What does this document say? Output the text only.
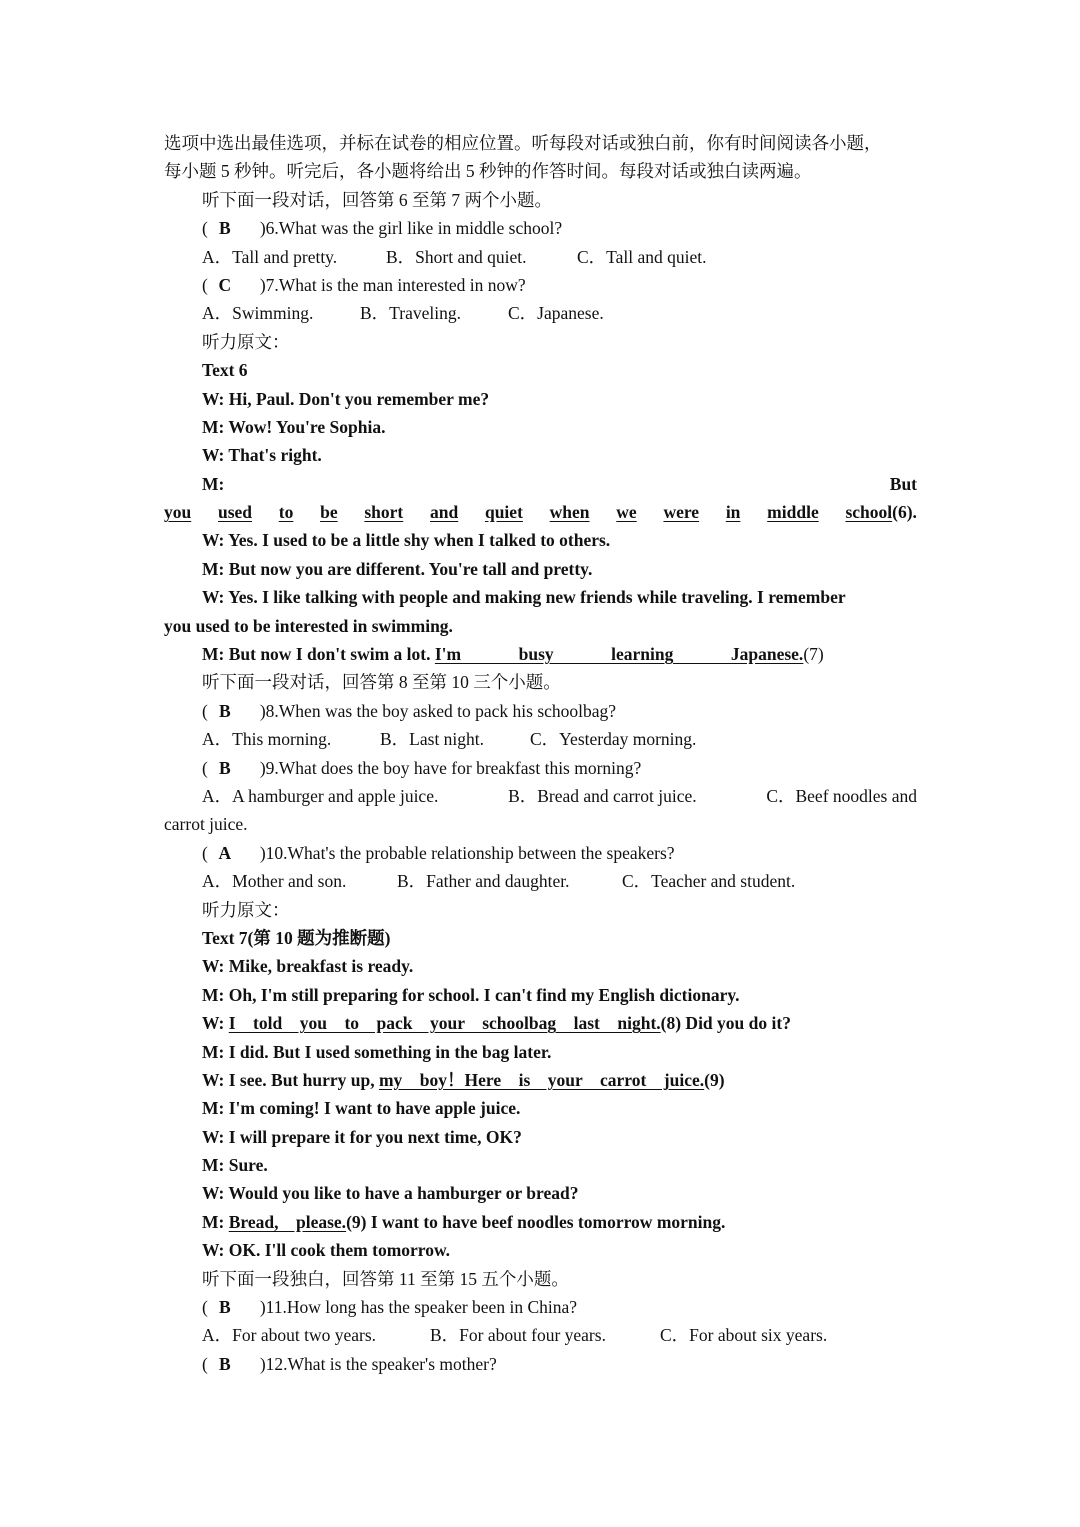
选项中选出最佳选项，并标在试卷的相应位置。听每段对话或独白前，你有时间阅读各小题，
每小题 5 秒钟。听完后，各小题将给出 5 秒钟的作答时间。每段对话或独白读两遍。
听下面一段对话，回答第 6 至第 7 两个小题。
( B )6.What was the girl like in middle school?
A．Tall and pretty.	B．Short and quiet.	C．Tall and quiet.
( C )7.What is the man interested in now?
A．Swimming.	B．Traveling.	C．Japanese.
听力原文：
Text 6
W: Hi, Paul. Don't you remember me?
M: Wow! You're Sophia.
W: That's right.
M:	But
you used to be short and quiet when we were in middle school(6).
W: Yes. I used to be a little shy when I talked to others.
M: But now you are different. You're tall and pretty.
W: Yes. I like talking with people and making new friends while traveling. I remember
you used to be interested in swimming.
M: But now I don't swim a lot. I'm    busy    learning    Japanese.(7)
听下面一段对话，回答第 8 至第 10 三个小题。
( B )8.When was the boy asked to pack his schoolbag?
A．This morning.	B．Last night.	C．Yesterday morning.
( B )9.What does the boy have for breakfast this morning?
A．A hamburger and apple juice.	B．Bread and carrot juice.	C．Beef noodles and
carrot juice.
( A )10.What's the probable relationship between the speakers?
A．Mother and son.	B．Father and daughter.	C．Teacher and student.
听力原文：
Text 7(第 10 题为推断题)
W: Mike, breakfast is ready.
M: Oh, I'm still preparing for school. I can't find my English dictionary.
W: I    told    you    to    pack    your    schoolbag    last    night.(8) Did you do it?
M: I did. But I used something in the bag later.
W: I see. But hurry up, my    boy！Here    is    your    carrot    juice.(9)
M: I'm coming! I want to have apple juice.
W: I will prepare it for you next time, OK?
M: Sure.
W: Would you like to have a hamburger or bread?
M: Bread,    please.(9) I want to have beef noodles tomorrow morning.
W: OK. I'll cook them tomorrow.
听下面一段独白，回答第 11 至第 15 五个小题。
( B )11.How long has the speaker been in China?
A．For about two years.	B．For about four years.	C．For about six years.
( B )12.What is the speaker's mother?
